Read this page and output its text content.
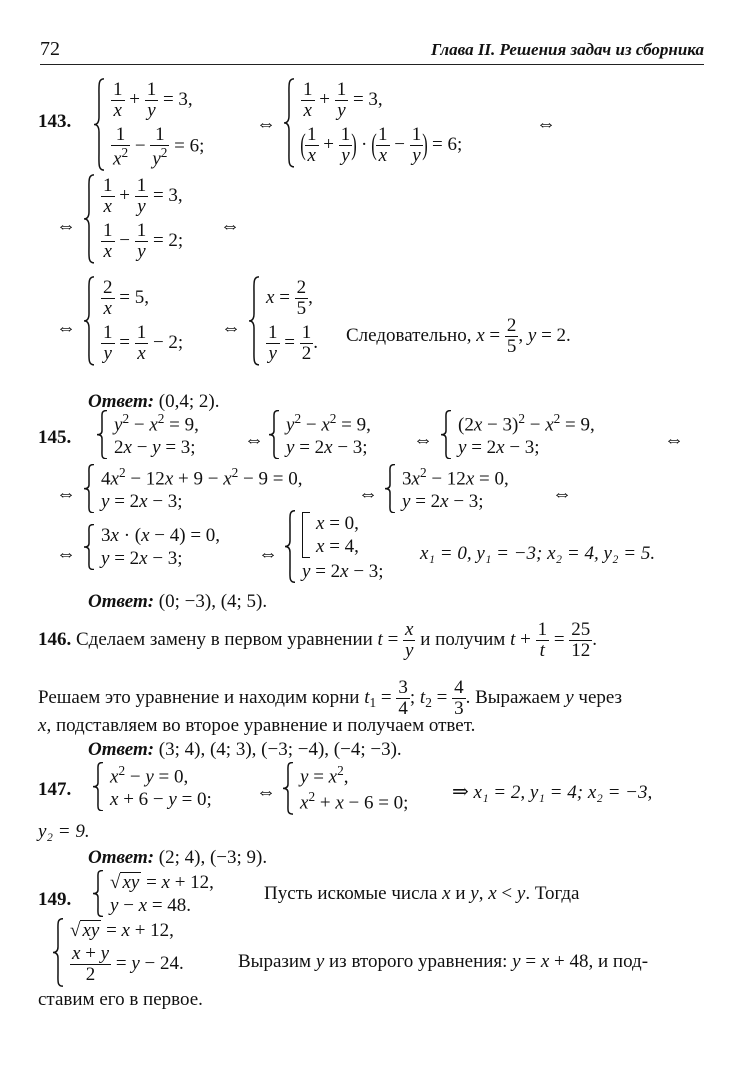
72	Глава II. Решения задач из сборника
143.
$\frac{1}{x} + \frac{1}{y} = 3$,
$\frac{1}{x^2} - \frac{1}{y^2} = 6$;
⇔
$\frac{1}{x} + \frac{1}{y} = 3$,
( $\frac{1}{x} + \frac{1}{y}$ ) · ( $\frac{1}{x} - \frac{1}{y}$ ) = 6;
⇔
⇔
$\frac{1}{x} + \frac{1}{y} = 3$,
$\frac{1}{x} - \frac{1}{y} = 2$;
⇔
⇔
$\frac{2}{x} = 5$,
$\frac{1}{y} = \frac{1}{x} - 2$;
⇔
$x = \frac{2}{5}$ ,
$\frac{1}{y} = \frac{1}{2}$ . Следовательно, $x = \frac{2}{5}$ , y = 2.
Ответ: (0,4; 2).
145.
$y^2 - x^2 = 9$,
2x − y = 3; ⇔
$y^2 - x^2 = 9$,
y = 2x − 3; ⇔
$(2x - 3)^2 - x^2 = 9$,
y = 2x − 3;	⇔
⇔
$4x^2 - 12x + 9 - x^2 - 9 = 0$,
y = 2x − 3;	⇔
$3x^2 - 12x = 0$,
y = 2x − 3;	⇔
⇔
3x · (x − 4) = 0,
y = 2x − 3;	⇔
x = 0,
x = 4,
y = 2x − 3;
x₁ = 0, y₁ = −3; x₂ = 4, y₂ = 5.
Ответ: (0; −3), (4; 5).
146. Сделаем замену в первом уравнении $t = \frac{x}{y}$ и получим $t + \frac{1}{t} = \frac{25}{12}$ .
Решаем это уравнение и находим корни $t_1 = \frac{3}{4}$ ; $t_2 = \frac{4}{3}$ . Выражаем y через
x, подставляем во второе уравнение и получаем ответ.
Ответ: (3; 4), (4; 3), (−3; −4), (−4; −3).
147.
$x^2 - y = 0$,
x + 6 − y = 0; ⇔
$y = x^2$,
$x^2 + x - 6 = 0$;
⇒ x₁ = 2, y₁ = 4; x₂ = −3,
y₂ = 9.
Ответ: (2; 4), (−3; 9).
149.
√ xy = x + 12,
y − x = 48.
Пусть искомые числа x и y, x < y. Тогда
√ xy = x + 12,
$\frac{x + y}{2} = y - 24$.	Выразим y из второго уравнения: y = x + 48, и под-
ставим его в первое.
